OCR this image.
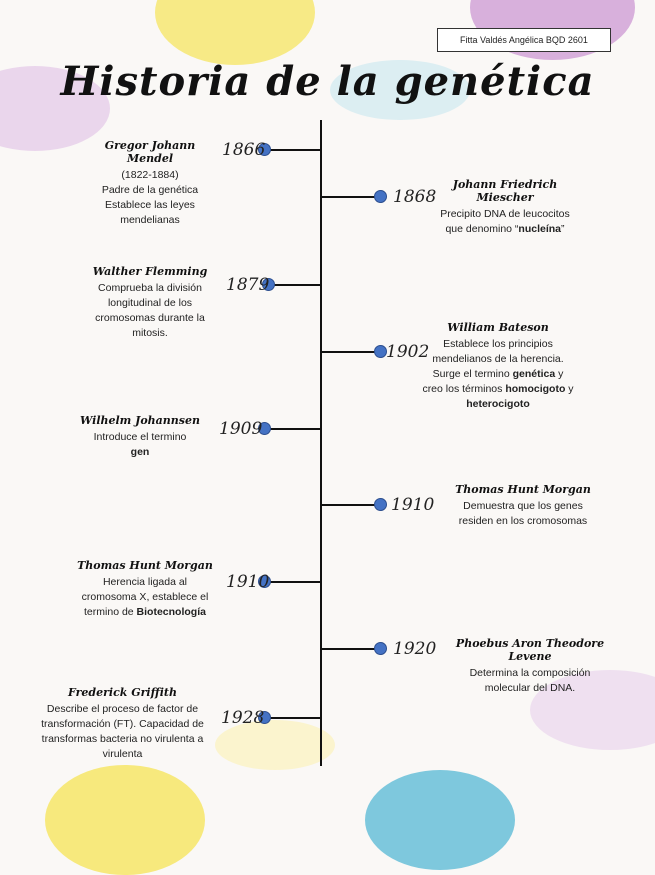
Fitta Valdés Angélica BQD 2601
Historia de la genética
1866
Gregor Johann Mendel
(1822-1884)
Padre de la genética
Establece las leyes
mendelianas
1868
Johann Friedrich Miescher
Precipito DNA de leucocitos
que denomino “nucleína”
1879
Walther Flemming
Comprueba la división
longitudinal de los
cromosomas durante la
mitosis.
1902
William Bateson
Establece los principios
mendelianos de la herencia.
Surge el termino genética y
creo los términos homocigoto y
heterocigoto
1909
Wilhelm Johannsen
Introduce el termino
gen
1910
Thomas Hunt Morgan
Demuestra que los genes
residen en los cromosomas
1910
Thomas Hunt Morgan
Herencia ligada al
cromosoma X, establece el
termino de Biotecnología
1920	Phoebus Aron Theodore Levene
Determina la composición
molecular del DNA.
1928
Frederick Griffith
Describe el proceso de factor de
transformación (FT). Capacidad de
transformas bacteria no virulenta a
virulenta
